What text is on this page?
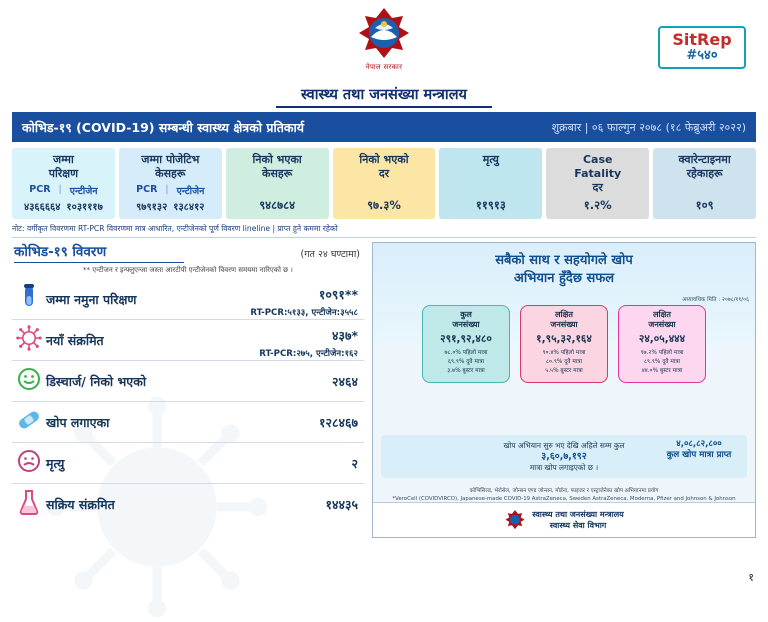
नेपाल सरकार
स्वास्थ्य तथा जनसंख्या मन्त्रालय
SitRep
#५४०
कोभिड-१९ (COVID-19) सम्बन्धी स्वास्थ्य क्षेत्रको प्रतिकार्य	शुक्रबार | ०६ फाल्गुन २०७८ (१८ फेब्रुअरी २०२२)
जम्मा
परिक्षण
PCR | एन्टीजेन
४३६६६६४ १०३१११७
जम्मा पोजेटिभ
केसहरू
PCR | एन्टीजेन
९७९१३२ १३८४१२
निको भएका
केसहरू
९४८७८४
निको भएको
दर
९७.३%
मृत्यु
११९१३
Case
Fatality
दर
१.२%
क्वारेन्टाइनमा
रहेकाहरू
१०९
नोट: वर्गीकृत विवरणमा RT-PCR विवरणमा मात्र आधारित, एन्टीजेनको पूर्ण विवरण lineline | प्राप्त हुने कममा रहेको
कोभिड-१९ विवरण	(गत २४ घण्टामा)
** एन्टीजन र इन्फ्लुएन्जा जस्ता आरटीपी एन्टीजेनको विवरण समयमा नारिएको छ ।
जम्मा नमुना परिक्षण	१०९१**
RT-PCR:५१३३, एन्टीजेन:३५५८
नयाँ संक्रमित	४३७*
RT-PCR:२७५, एन्टीजेन:१६२
डिस्चार्ज/ निको भएको	२४६४
खोप लगाएका	१२८४६७
मृत्यु	२
सक्रिय संक्रमित	१४४३५
सबैको साथ र सहयोगले खोप
अभियान हुँदैछ सफल
अध्यावधिक मिति : २०७८/११/०६
कुल
जनसंख्या
२९१,९२,४८०
७८.०% पहिलो मात्रा
६९.९% दुवै मात्रा
३.७% बुस्टर मात्रा
लक्षित
जनसंख्या
१,९५,३२,१६४
९०.४% पहिलो मात्रा
८०.९% दुवै मात्रा
५.५% बुस्टर मात्रा
लक्षित
जनसंख्या
२४,०५,४४४
९७.२% पहिलो मात्रा
८९.९% दुवै मात्रा
४४.०% बुस्टर मात्रा
खोप अभियान सुरु भए देखि अहिले सम्म कुल
३,६०,७,१९२
मात्रा खोप लगाइएको छ ।
४,०८,८२,८००
कुल खोप मात्रा प्राप्त
कोभिसिल्ड, भेरोसेल, जोन्सन एण्ड जोन्सन, मोर्डना, फाइजर र एस्ट्राजेनेका खोप अभियानमा प्रयोग
*VeroCell (COVIDVIRCO), Japanese-made COVID-19 AstraZeneca, Sweden AstraZeneca, Moderna, Pfizer and Johnson & Johnson
स्वास्थ्य तथा जनसंख्या मन्त्रालय
स्वास्थ्य सेवा विभाग
१
